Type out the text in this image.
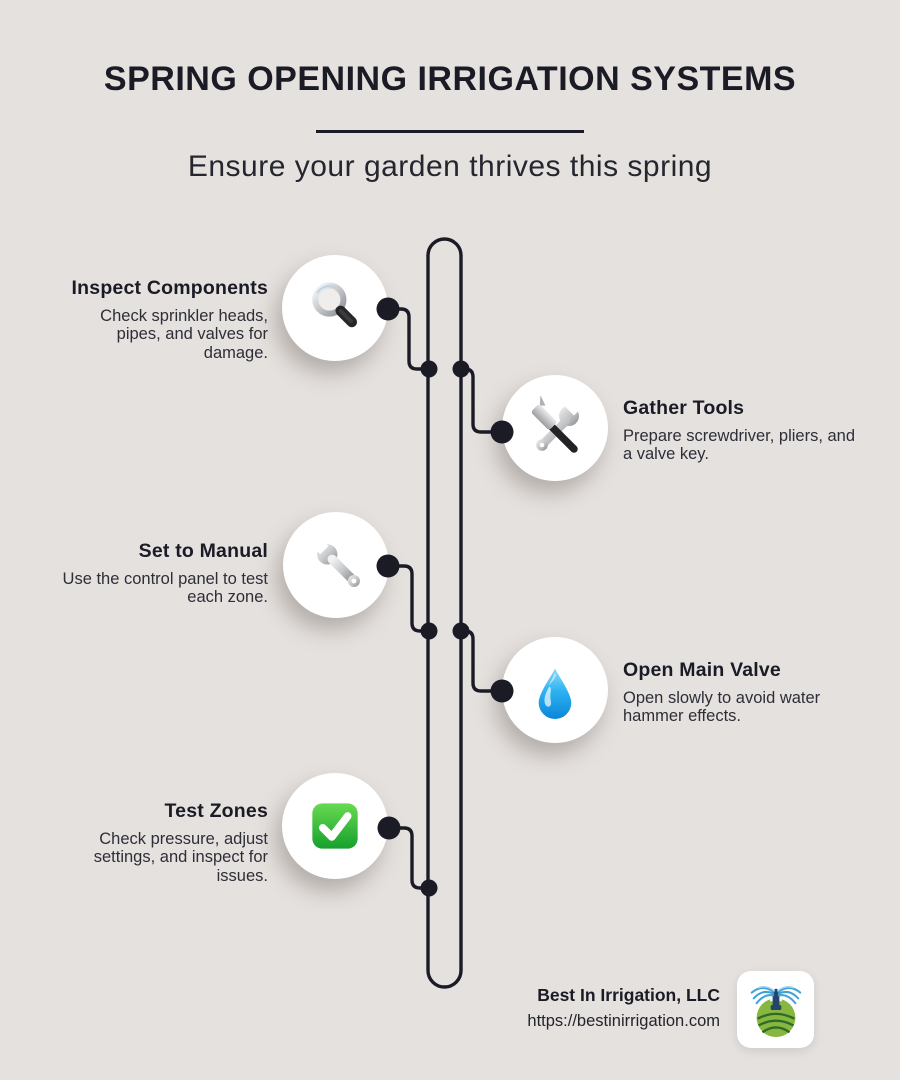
SPRING OPENING IRRIGATION SYSTEMS
Ensure your garden thrives this spring
Inspect Components

Check sprinkler heads, pipes, and valves for damage.

Gather Tools

Prepare screwdriver, pliers, and a valve key.

Set to Manual

Use the control panel to test each zone.

Open Main Valve

Open slowly to avoid water hammer effects.

Test Zones

Check pressure, adjust settings, and inspect for issues.

Best In Irrigation, LLC

https://bestinirrigation.com
